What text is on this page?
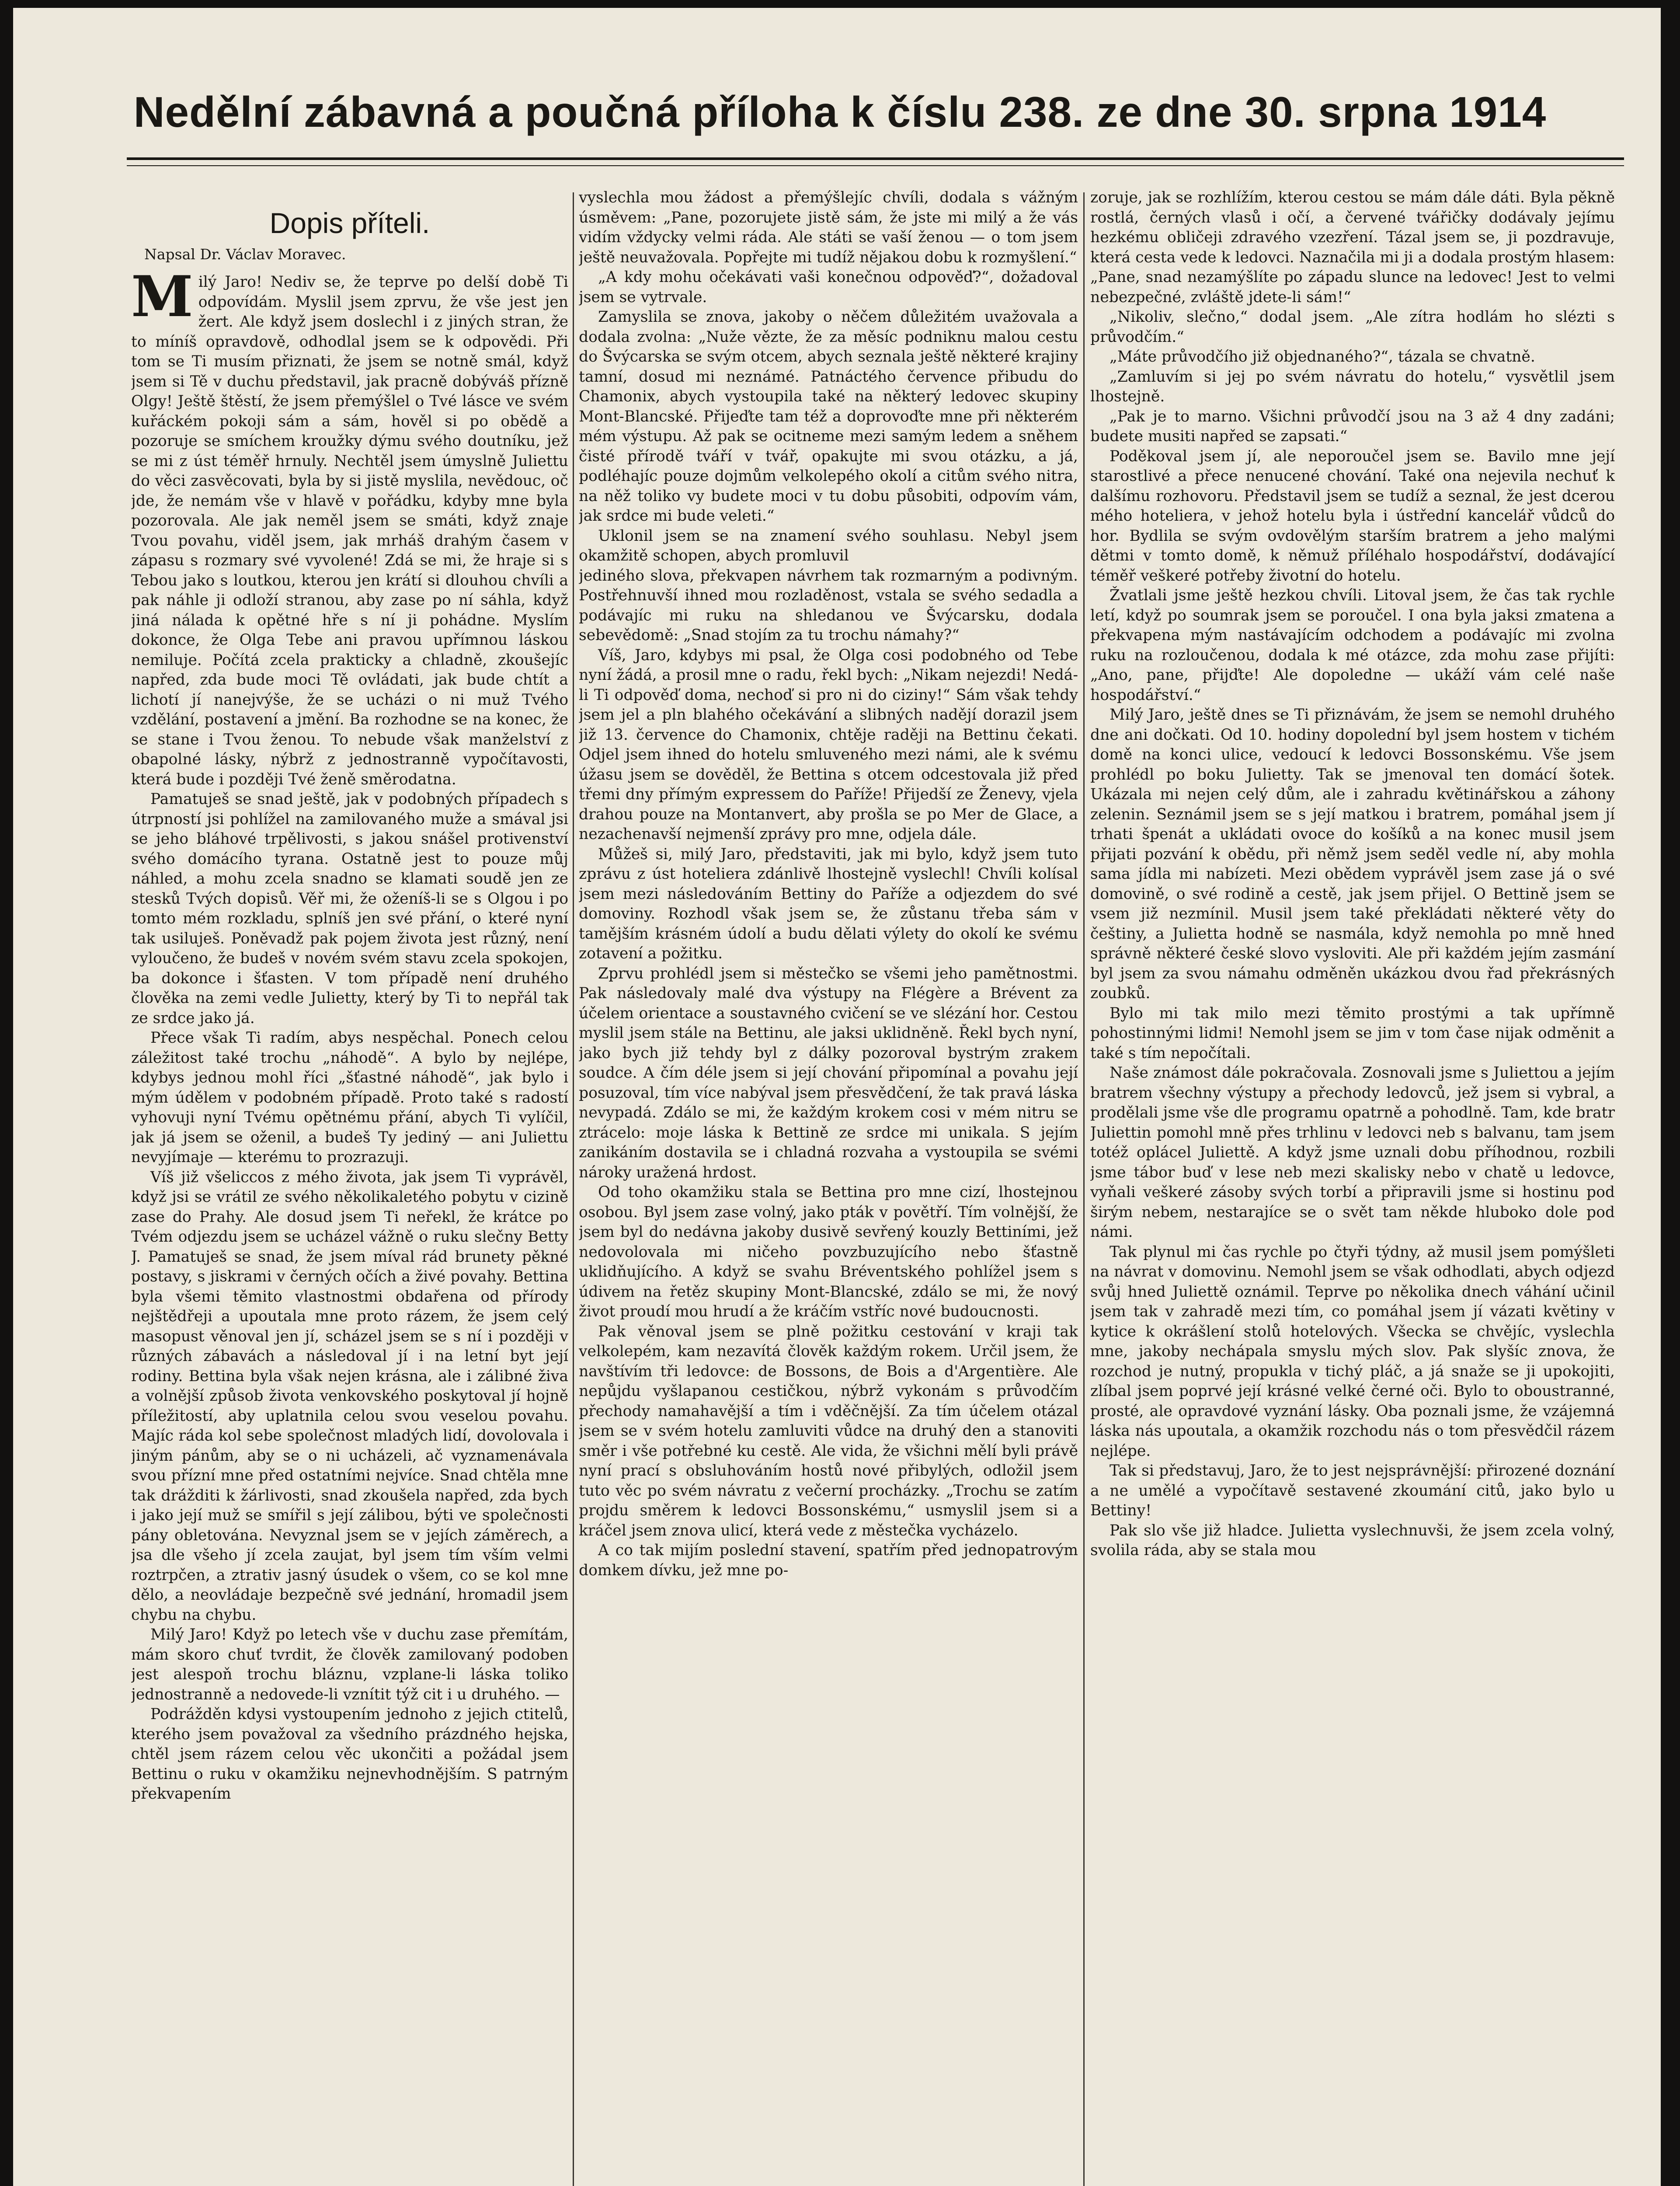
Nedělní zábavná a poučná příloha k číslu 238. ze dne 30. srpna 1914
Dopis příteli.
Napsal Dr. Václav Moravec.

Milý Jaro! Nediv se, že teprve po delší době Ti odpovídám. Myslil jsem zprvu, že vše jest jen žert. Ale když jsem doslechl i z jiných stran, že to míníš opravdově, odhodlal jsem se k odpovědi. Při tom se Ti musím přiznati, že jsem se notně smál, když jsem si Tě v duchu představil, jak pracně dobýváš přízně Olgy! Ještě štěstí, že jsem přemýšlel o Tvé lásce ve svém kuřáckém pokoji sám a sám, hověl si po obědě a pozoruje se smíchem kroužky dýmu svého doutníku, jež se mi z úst téměř hrnuly. Nechtěl jsem úmyslně Juliettu do věci zasvěcovati, byla by si jistě myslila, nevědouc, oč jde, že nemám vše v hlavě v pořádku, kdyby mne byla pozorovala. Ale jak neměl jsem se smáti, když znaje Tvou povahu, viděl jsem, jak mrháš drahým časem v zápasu s rozmary své vyvolené! Zdá se mi, že hraje si s Tebou jako s loutkou, kterou jen krátí si dlouhou chvíli a pak náhle ji odloží stranou, aby zase po ní sáhla, když jiná nálada k opětné hře s ní ji pohádne. Myslím dokonce, že Olga Tebe ani pravou upřímnou láskou nemiluje. Počítá zcela prakticky a chladně, zkoušejíc napřed, zda bude moci Tě ovládati, jak bude chtít a lichotí jí nanejvýše, že se ucházi o ni muž Tvého vzdělání, postavení a jmění. Ba rozhodne se na konec, že se stane i Tvou ženou. To nebude však manželství z obapolné lásky, nýbrž z jednostranně vypočítavosti, která bude i později Tvé ženě směrodatna.

Pamatuješ se snad ještě, jak v podobných případech s útrpností jsi pohlížel na zamilovaného muže a smával jsi se jeho bláhové trpělivosti, s jakou snášel protivenství svého domácího tyrana. Ostatně jest to pouze můj náhled, a mohu zcela snadno se klamati soudě jen ze stesků Tvých dopisů. Věř mi, že oženíš-li se s Olgou i po tomto mém rozkladu, splníš jen své přání, o které nyní tak usiluješ. Poněvadž pak pojem života jest různý, není vyloučeno, že budeš v novém svém stavu zcela spokojen, ba dokonce i šťasten. V tom případě není druhého člověka na zemi vedle Julietty, který by Ti to nepřál tak ze srdce jako já.

Přece však Ti radím, abys nespěchal. Ponech celou záležitost také trochu „náhodě“. A bylo by nejlépe, kdybys jednou mohl říci „šťastné náhodě“, jak bylo i mým údělem v podobném případě. Proto také s radostí vyhovuji nyní Tvému opětnému přání, abych Ti vylíčil, jak já jsem se oženil, a budeš Ty jediný — ani Juliettu nevyjímaje — kterému to prozrazuji.

Víš již všeliccos z mého života, jak jsem Ti vyprávěl, když jsi se vrátil ze svého několikaletého pobytu v cizině zase do Prahy. Ale dosud jsem Ti neřekl, že krátce po Tvém odjezdu jsem se ucházel vážně o ruku slečny Betty J. Pamatuješ se snad, že jsem míval rád brunety pěkné postavy, s jiskrami v černých očích a živé povahy. Bettina byla všemi těmito vlastnostmi obdařena od přírody nejštědřeji a upoutala mne proto rázem, že jsem celý masopust věnoval jen jí, scházel jsem se s ní i později v různých zábavách a následoval jí i na letní byt její rodiny. Bettina byla však nejen krásna, ale i zálibné živa a volnější způsob života venkovského poskytoval jí hojně příležitostí, aby uplatnila celou svou veselou povahu. Majíc ráda kol sebe společnost mladých lidí, dovolovala i jiným pánům, aby se o ni ucházeli, ač vyznamenávala svou přízní mne před ostatními nejvíce. Snad chtěla mne tak drážditi k žárlivosti, snad zkoušela napřed, zda bych i jako její muž se smířil s její zálibou, býti ve společnosti pány obletována. Nevyznal jsem se v jejích záměrech, a jsa dle všeho jí zcela zaujat, byl jsem tím vším velmi roztrpčen, a ztrativ jasný úsudek o všem, co se kol mne dělo, a neovládaje bezpečně své jednání, hromadil jsem chybu na chybu.

Milý Jaro! Když po letech vše v duchu zase přemítám, mám skoro chuť tvrdit, že člověk zamilovaný podoben jest alespoň trochu bláznu, vzplane-li láska toliko jednostranně a nedovede-li vznítit týž cit i u druhého. —

Podrážděn kdysi vystoupením jednoho z jejich ctitelů, kterého jsem považoval za všedního prázdného hejska, chtěl jsem rázem celou věc ukončiti a požádal jsem Bettinu o ruku v okamžiku nejnevhodnějším. S patrným překvapením

vyslechla mou žádost a přemýšlejíc chvíli, dodala s vážným úsměvem: „Pane, pozorujete jistě sám, že jste mi milý a že vás vidím vždycky velmi ráda. Ale státi se vaší ženou — o tom jsem ještě neuvažovala. Popřejte mi tudíž nějakou dobu k rozmyšlení.“

„A kdy mohu očekávati vaši konečnou odpověď?“, dožadoval jsem se vytrvale.

Zamyslila se znova, jakoby o něčem důležitém uvažovala a dodala zvolna: „Nuže vězte, že za měsíc podniknu malou cestu do Švýcarska se svým otcem, abych seznala ještě některé krajiny tamní, dosud mi neznámé. Patnáctého července přibudu do Chamonix, abych vystoupila také na některý ledovec skupiny Mont-Blancské. Přijeďte tam též a doprovoďte mne při některém mém výstupu. Až pak se ocitneme mezi samým ledem a sněhem čisté přírodě tváří v tvář, opakujte mi svou otázku, a já, podléhajíc pouze dojmům velkolepého okolí a citům svého nitra, na něž toliko vy budete moci v tu dobu působiti, odpovím vám, jak srdce mi bude veleti.“

Uklonil jsem se na znamení svého souhlasu. Nebyl jsem okamžitě schopen, abych promluvil

jediného slova, překvapen návrhem tak rozmarným a podivným. Postřehnuvší ihned mou rozladěnost, vstala se svého sedadla a podávajíc mi ruku na shledanou ve Švýcarsku, dodala sebevědomě: „Snad stojím za tu trochu námahy?“

Víš, Jaro, kdybys mi psal, že Olga cosi podobného od Tebe nyní žádá, a prosil mne o radu, řekl bych: „Nikam nejezdi! Nedá-li Ti odpověď doma, nechoď si pro ni do ciziny!“ Sám však tehdy jsem jel a pln blahého očekávání a slibných nadějí dorazil jsem již 13. července do Chamonix, chtěje raději na Bettinu čekati. Odjel jsem ihned do hotelu smluveného mezi námi, ale k svému úžasu jsem se dověděl, že Bettina s otcem odcestovala již před třemi dny přímým expressem do Paříže! Přijedší ze Ženevy, vjela drahou pouze na Montanvert, aby prošla se po Mer de Glace, a nezachenavší nejmenší zprávy pro mne, odjela dále.

Můžeš si, milý Jaro, představiti, jak mi bylo, když jsem tuto zprávu z úst hoteliera zdánlivě lhostejně vyslechl! Chvíli kolísal jsem mezi následováním Bettiny do Paříže a odjezdem do své domoviny. Rozhodl však jsem se, že zůstanu třeba sám v tamějším krásném údolí a budu dělati výlety do okolí ke svému zotavení a požitku.

Zprvu prohlédl jsem si městečko se všemi jeho pamětnostmi. Pak následovaly malé dva výstupy na Flégère a Brévent za účelem orientace a soustavného cvičení se ve slézání hor. Cestou myslil jsem stále na Bettinu, ale jaksi uklidněně. Řekl bych nyní, jako bych již tehdy byl z dálky pozoroval bystrým zrakem soudce. A čím déle jsem si její chování připomínal a povahu její posuzoval, tím více nabýval jsem přesvědčení, že tak pravá láska nevypadá. Zdálo se mi, že každým krokem cosi v mém nitru se ztrácelo: moje láska k Bettině ze srdce mi unikala. S jejím zanikáním dostavila se i chladná rozvaha a vystoupila se svémi nároky uražená hrdost.

Od toho okamžiku stala se Bettina pro mne cizí, lhostejnou osobou. Byl jsem zase volný, jako pták v povětří. Tím volnější, že jsem byl do nedávna jakoby dusivě sevřený kouzly Bettiními, jež nedovolovala mi ničeho povzbuzujícího nebo šťastně uklidňujícího. A když se svahu Bréventského pohlížel jsem s údivem na řetěz skupiny Mont-Blancské, zdálo se mi, že nový život proudí mou hrudí a že kráčím vstříc nové budoucnosti.

Pak věnoval jsem se plně požitku cestování v kraji tak velkolepém, kam nezavítá člověk každým rokem. Určil jsem, že navštívím tři ledovce: de Bossons, de Bois a d'Argentière. Ale nepůjdu vyšlapanou cestičkou, nýbrž vykonám s průvodčím přechody namahavější a tím i vděčnější. Za tím účelem otázal jsem se v svém hotelu zamluviti vůdce na druhý den a stanoviti směr i vše potřebné ku cestě. Ale vida, že všichni mělí byli právě nyní prací s obsluhováním hostů nové přibylých, odložil jsem tuto věc po svém návratu z večerní procházky. „Trochu se zatím projdu směrem k ledovci Bossonskému,“ usmyslil jsem si a kráčel jsem znova ulicí, která vede z městečka vycházelo.

A co tak mijím poslední stavení, spatřím před jednopatrovým domkem dívku, jež mne po-

zoruje, jak se rozhlížím, kterou cestou se mám dále dáti. Byla pěkně rostlá, černých vlasů i očí, a červené tvářičky dodávaly jejímu hezkému obličeji zdravého vzezření. Tázal jsem se, ji pozdravuje, která cesta vede k ledovci. Naznačila mi ji a dodala prostým hlasem: „Pane, snad nezamýšlíte po západu slunce na ledovec! Jest to velmi nebezpečné, zvláště jdete-li sám!“

„Nikoliv, slečno,“ dodal jsem. „Ale zítra hodlám ho slézti s průvodčím.“

„Máte průvodčího již objednaného?“, tázala se chvatně.

„Zamluvím si jej po svém návratu do hotelu,“ vysvětlil jsem lhostejně.

„Pak je to marno. Všichni průvodčí jsou na 3 až 4 dny zadáni; budete musiti napřed se zapsati.“

Poděkoval jsem jí, ale neporoučel jsem se. Bavilo mne její starostlivé a přece nenucené chování. Také ona nejevila nechuť k dalšímu rozhovoru. Představil jsem se tudíž a seznal, že jest dcerou mého hoteliera, v jehož hotelu byla i ústřední kancelář vůdců do hor. Bydlila se svým ovdovělým starším bratrem a jeho malými dětmi v tomto domě, k němuž příléhalo hospodářství, dodávající téměř veškeré potřeby životní do hotelu.

Žvatlali jsme ještě hezkou chvíli. Litoval jsem, že čas tak rychle letí, když po soumrak jsem se poroučel. I ona byla jaksi zmatena a překvapena mým nastávajícím odchodem a podávajíc mi zvolna ruku na rozloučenou, dodala k mé otázce, zda mohu zase přijíti: „Ano, pane, přijďte! Ale dopoledne — ukáží vám celé naše hospodářství.“

Milý Jaro, ještě dnes se Ti přiznávám, že jsem se nemohl druhého dne ani dočkati. Od 10. hodiny dopolední byl jsem hostem v tichém domě na konci ulice, vedoucí k ledovci Bossonskému. Vše jsem prohlédl po boku Julietty. Tak se jmenoval ten domácí šotek. Ukázala mi nejen celý dům, ale i zahradu květinářskou a záhony zelenin. Seznámil jsem se s její matkou i bratrem, pomáhal jsem jí trhati špenát a ukládati ovoce do košíků a na konec musil jsem přijati pozvání k obědu, při němž jsem seděl vedle ní, aby mohla sama jídla mi nabízeti. Mezi obědem vyprávěl jsem zase já o své domovině, o své rodině a cestě, jak jsem přijel. O Bettině jsem se vsem již nezmínil. Musil jsem také překládati některé věty do češtiny, a Julietta hodně se nasmála, když nemohla po mně hned správně některé české slovo vysloviti. Ale při každém jejím zasmání byl jsem za svou námahu odměněn ukázkou dvou řad překrásných zoubků.

Bylo mi tak milo mezi těmito prostými a tak upřímně pohostinnými lidmi! Nemohl jsem se jim v tom čase nijak odměnit a také s tím nepočítali.

Naše známost dále pokračovala. Zosnovali jsme s Juliettou a jejím bratrem všechny výstupy a přechody ledovců, jež jsem si vybral, a prodělali jsme vše dle programu opatrně a pohodlně. Tam, kde bratr Juliettin pomohl mně přes trhlinu v ledovci neb s balvanu, tam jsem totéž oplácel Juliettě. A když jsme uznali dobu příhodnou, rozbili jsme tábor buď v lese neb mezi skalisky nebo v chatě u ledovce, vyňali veškeré zásoby svých torbí a připravili jsme si hostinu pod širým nebem, nestarajíce se o svět tam někde hluboko dole pod námi.

Tak plynul mi čas rychle po čtyři týdny, až musil jsem pomýšleti na návrat v domovinu. Nemohl jsem se však odhodlati, abych odjezd svůj hned Juliettě oznámil. Teprve po několika dnech váhání učinil jsem tak v zahradě mezi tím, co pomáhal jsem jí vázati květiny v kytice k okrášlení stolů hotelových. Všecka se chvějíc, vyslechla mne, jakoby nechápala smyslu mých slov. Pak slyšíc znova, že rozchod je nutný, propukla v tichý pláč, a já snaže se ji upokojiti, zlíbal jsem poprvé její krásné velké černé oči. Bylo to oboustranné, prosté, ale opravdové vyznání lásky. Oba poznali jsme, že vzájemná láska nás upoutala, a okamžik rozchodu nás o tom přesvědčil rázem nejlépe.

Tak si představuj, Jaro, že to jest nejsprávnější: přirozené doznání a ne umělé a vypočítavě sestavené zkoumání citů, jako bylo u Bettiny!

Pak slo vše již hladce. Julietta vyslechnuvši, že jsem zcela volný, svolila ráda, aby se stala mou
